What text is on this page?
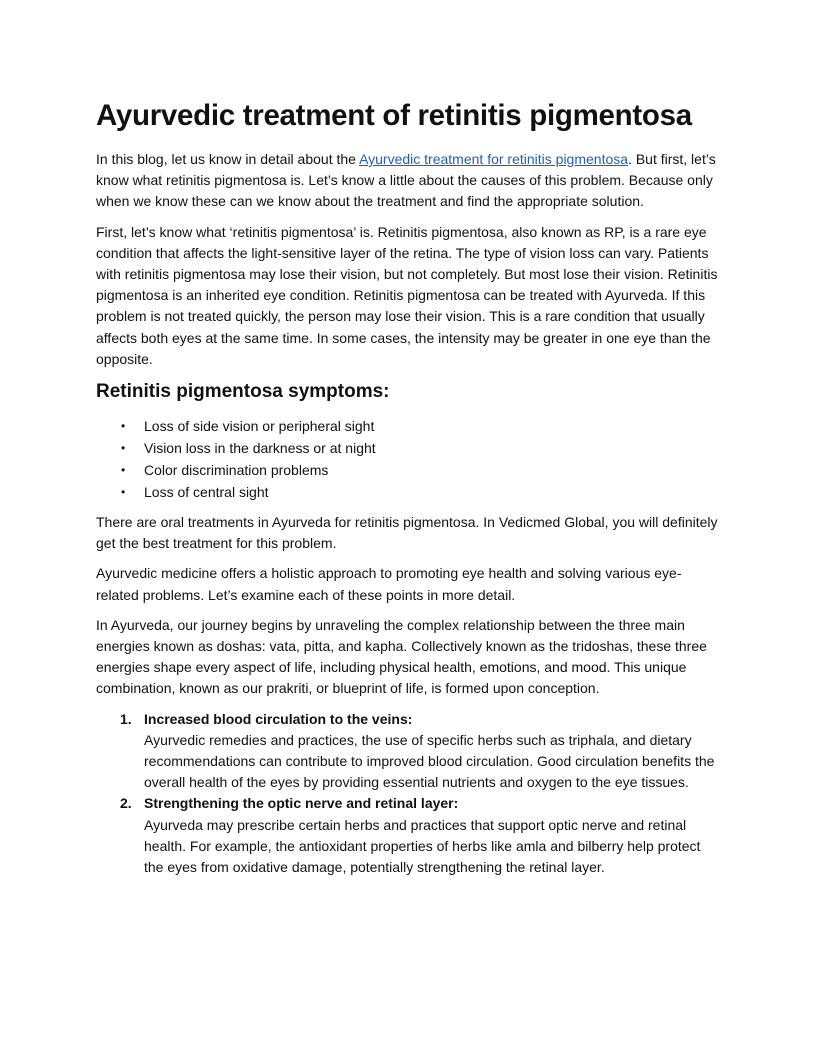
Ayurvedic treatment of retinitis pigmentosa

In this blog, let us know in detail about the Ayurvedic treatment for retinitis pigmentosa. But first, let’s know what retinitis pigmentosa is. Let’s know a little about the causes of this problem. Because only when we know these can we know about the treatment and find the appropriate solution.

First, let’s know what ‘retinitis pigmentosa’ is. Retinitis pigmentosa, also known as RP, is a rare eye condition that affects the light-sensitive layer of the retina. The type of vision loss can vary. Patients with retinitis pigmentosa may lose their vision, but not completely. But most lose their vision. Retinitis pigmentosa is an inherited eye condition. Retinitis pigmentosa can be treated with Ayurveda. If this problem is not treated quickly, the person may lose their vision. This is a rare condition that usually affects both eyes at the same time. In some cases, the intensity may be greater in one eye than the opposite.

Retinitis pigmentosa symptoms:
• Loss of side vision or peripheral sight
• Vision loss in the darkness or at night
• Color discrimination problems
• Loss of central sight

There are oral treatments in Ayurveda for retinitis pigmentosa. In Vedicmed Global, you will definitely get the best treatment for this problem.

Ayurvedic medicine offers a holistic approach to promoting eye health and solving various eye-related problems. Let’s examine each of these points in more detail.

In Ayurveda, our journey begins by unraveling the complex relationship between the three main energies known as doshas: vata, pitta, and kapha. Collectively known as the tridoshas, these three energies shape every aspect of life, including physical health, emotions, and mood. This unique combination, known as our prakriti, or blueprint of life, is formed upon conception.

1. Increased blood circulation to the veins:
Ayurvedic remedies and practices, the use of specific herbs such as triphala, and dietary recommendations can contribute to improved blood circulation. Good circulation benefits the overall health of the eyes by providing essential nutrients and oxygen to the eye tissues.
2. Strengthening the optic nerve and retinal layer:
Ayurveda may prescribe certain herbs and practices that support optic nerve and retinal health. For example, the antioxidant properties of herbs like amla and bilberry help protect the eyes from oxidative damage, potentially strengthening the retinal layer.
